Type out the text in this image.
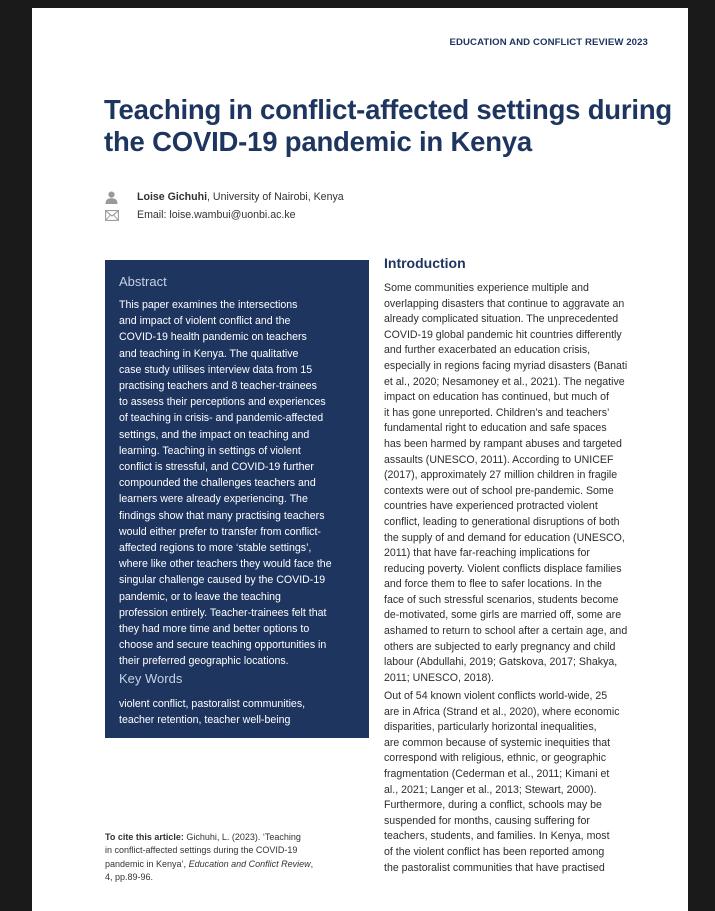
EDUCATION AND CONFLICT REVIEW 2023
Teaching in conflict-affected settings during the COVID-19 pandemic in Kenya
Loise Gichuhi , University of Nairobi, Kenya
Email: loise.wambui@uonbi.ac.ke
Abstract

This paper examines the intersections
and impact of violent conflict and the
COVID-19 health pandemic on teachers
and teaching in Kenya. The qualitative
case study utilises interview data from 15
practising teachers and 8 teacher-trainees
to assess their perceptions and experiences
of teaching in crisis- and pandemic-affected
settings, and the impact on teaching and
learning. Teaching in settings of violent
conflict is stressful, and COVID-19 further
compounded the challenges teachers and
learners were already experiencing. The
findings show that many practising teachers
would either prefer to transfer from conflict-
affected regions to more ‘stable settings’,
where like other teachers they would face the
singular challenge caused by the COVID-19
pandemic, or to leave the teaching
profession entirely. Teacher-trainees felt that
they had more time and better options to
choose and secure teaching opportunities in
their preferred geographic locations.

Key Words

violent conflict, pastoralist communities,
teacher retention, teacher well-being

To cite this article: Gichuhi, L. (2023). ‘Teaching
in conflict-affected settings during the COVID-19
pandemic in Kenya’, Education and Conflict Review,
4, pp.89-96.

Introduction

Some communities experience multiple and
overlapping disasters that continue to aggravate an
already complicated situation. The unprecedented
COVID-19 global pandemic hit countries differently
and further exacerbated an education crisis,
especially in regions facing myriad disasters (Banati
et al., 2020; Nesamoney et al., 2021). The negative
impact on education has continued, but much of
it has gone unreported. Children’s and teachers’
fundamental right to education and safe spaces
has been harmed by rampant abuses and targeted
assaults (UNESCO, 2011). According to UNICEF
(2017), approximately 27 million children in fragile
contexts were out of school pre-pandemic. Some
countries have experienced protracted violent
conflict, leading to generational disruptions of both
the supply of and demand for education (UNESCO,
2011) that have far-reaching implications for
reducing poverty. Violent conflicts displace families
and force them to flee to safer locations. In the
face of such stressful scenarios, students become
de-motivated, some girls are married off, some are
ashamed to return to school after a certain age, and
others are subjected to early pregnancy and child
labour (Abdullahi, 2019; Gatskova, 2017; Shakya,
2011; UNESCO, 2018).

Out of 54 known violent conflicts world-wide, 25
are in Africa (Strand et al., 2020), where economic
disparities, particularly horizontal inequalities,
are common because of systemic inequities that
correspond with religious, ethnic, or geographic
fragmentation (Cederman et al., 2011; Kimani et
al., 2021; Langer et al., 2013; Stewart, 2000).
Furthermore, during a conflict, schools may be
suspended for months, causing suffering for
teachers, students, and families. In Kenya, most
of the violent conflict has been reported among
the pastoralist communities that have practised
